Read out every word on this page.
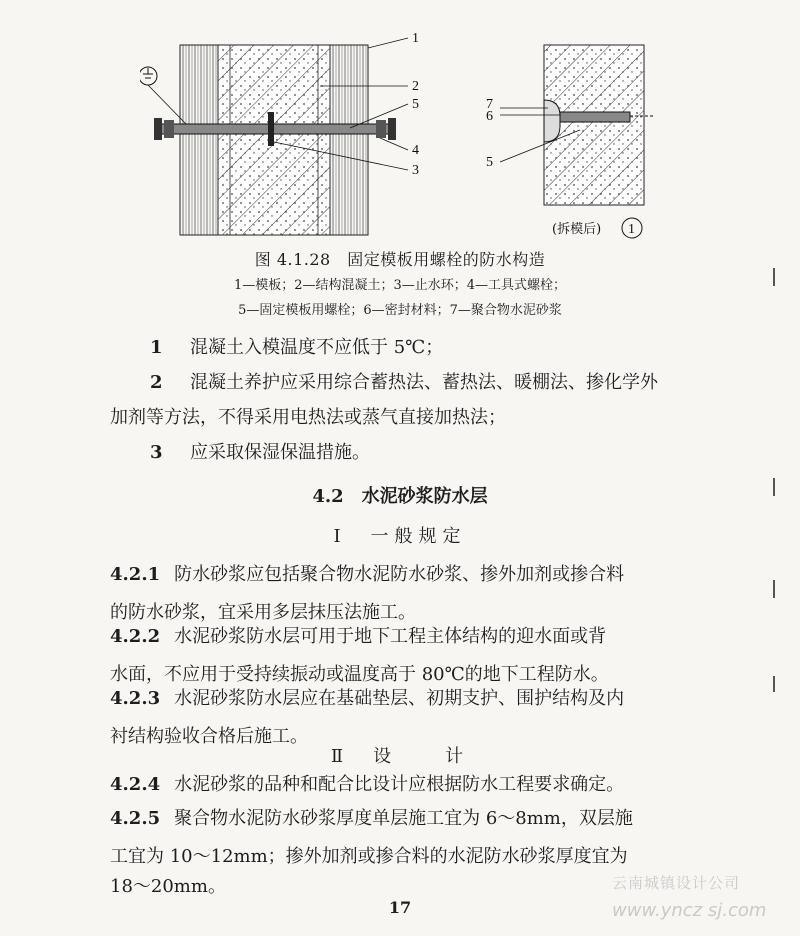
1
2
5
4
3
7
6
5
(拆模后) 1
图 4.1.28　固定模板用螺栓的防水构造
1—模板；2—结构混凝土；3—止水环；4—工具式螺栓；
5—固定模板用螺栓；6—密封材料；7—聚合物水泥砂浆

1 混凝土入模温度不应低于 5℃；

2 混凝土养护应采用综合蓄热法、蓄热法、暖棚法、掺化学外

加剂等方法，不得采用电热法或蒸气直接加热法；

3 应采取保湿保温措施。

4.2　 水泥砂浆防水层
Ⅰ　一般规定

4.2.1 防水砂浆应包括聚合物水泥防水砂浆、掺外加剂或掺合料
的防水砂浆，宜采用多层抹压法施工。

4.2.2 水泥砂浆防水层可用于地下工程主体结构的迎水面或背
水面，不应用于受持续振动或温度高于 80℃的地下工程防水。

4.2.3 水泥砂浆防水层应在基础垫层、初期支护、围护结构及内
衬结构验收合格后施工。

Ⅱ　设　　计

4.2.4 水泥砂浆的品种和配合比设计应根据防水工程要求确定。

4.2.5 聚合物水泥防水砂浆厚度单层施工宜为 6～8mm，双层施
工宜为 10～12mm；掺外加剂或掺合料的水泥防水砂浆厚度宜为

18～20mm。

17
云南城镇设计公司
www.yncz sj.com
